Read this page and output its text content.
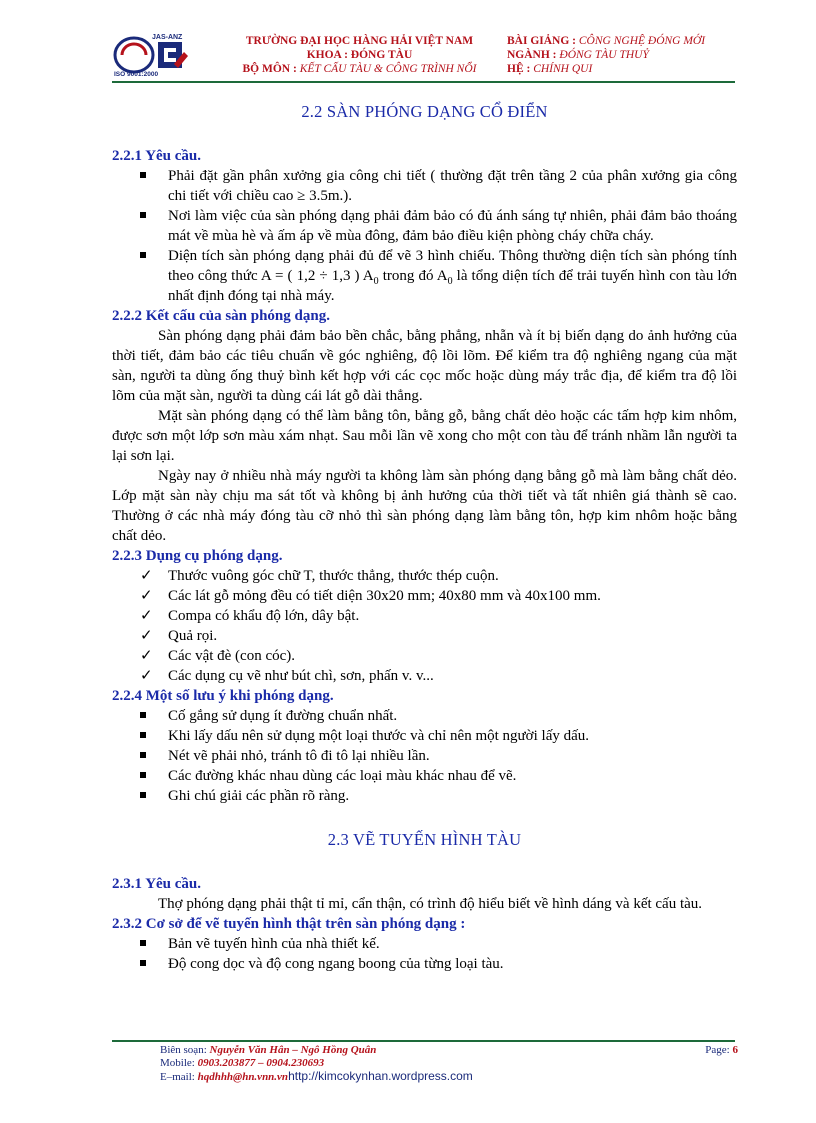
JAS-ANZ
ISO 9001:2000
TRƯỜNG ĐẠI HỌC HÀNG HẢI VIỆT NAM
KHOA : ĐÓNG TÀU
BỘ MÔN : KẾT CẤU TÀU & CÔNG TRÌNH NỔI
BÀI GIẢNG : CÔNG NGHỆ ĐÓNG MỚI
NGÀNH : ĐÓNG TÀU THUỶ
HỆ : CHÍNH QUI
2.2 SÀN PHÓNG DẠNG CỔ ĐIỂN
2.2.1 Yêu cầu.
Phải đặt gần phân xưởng gia công chi tiết ( thường đặt trên tầng 2 của phân xưởng gia công chi tiết với chiều cao ≥ 3.5m.).
Nơi làm việc của sàn phóng dạng phải đảm bảo có đủ ánh sáng tự nhiên, phải đảm bảo thoáng mát về mùa hè và ấm áp về mùa đông, đảm bảo điều kiện phòng cháy chữa cháy.
Diện tích sàn phóng dạng phải đủ để vẽ 3 hình chiếu. Thông thường diện tích sàn phóng tính theo công thức A = ( 1,2 ÷ 1,3 ) $A_0$ trong đó $A_0$ là tổng diện tích để trải tuyến hình con tàu lớn nhất định đóng tại nhà máy.
2.2.2 Kết cấu của sàn phóng dạng.
Sàn phóng dạng phải đảm bảo bền chắc, bằng phẳng, nhẵn và ít bị biến dạng do ảnh hưởng của thời tiết, đảm bảo các tiêu chuẩn về góc nghiêng, độ lồi lõm. Để kiểm tra độ nghiêng ngang của mặt sàn, người ta dùng ống thuỷ bình kết hợp với các cọc mốc hoặc dùng máy trắc địa, để kiểm tra độ lồi lõm của mặt sàn, người ta dùng cái lát gỗ dài thẳng.
Mặt sàn phóng dạng có thể làm bằng tôn, bằng gỗ, bằng chất dẻo hoặc các tấm hợp kim nhôm, được sơn một lớp sơn màu xám nhạt. Sau mỗi lần vẽ xong cho một con tàu để tránh nhầm lẫn người ta lại sơn lại.
Ngày nay ở nhiều nhà máy người ta không làm sàn phóng dạng bằng gỗ mà làm bằng chất dẻo. Lớp mặt sàn này chịu ma sát tốt và không bị ảnh hưởng của thời tiết và tất nhiên giá thành sẽ cao. Thường ở các nhà máy đóng tàu cỡ nhỏ thì sàn phóng dạng làm bằng tôn, hợp kim nhôm hoặc bằng chất dẻo.
2.2.3 Dụng cụ phóng dạng.
✓ Thước vuông góc chữ T, thước thẳng, thước thép cuộn.
✓ Các lát gỗ mỏng đều có tiết diện 30x20 mm; 40x80 mm và 40x100 mm.
✓ Compa có khẩu độ lớn, dây bật.
✓ Quả rọi.
✓ Các vật đè (con cóc).
✓ Các dụng cụ vẽ như bút chì, sơn, phấn v. v...
2.2.4 Một số lưu ý khi phóng dạng.
Cố gắng sử dụng ít đường chuẩn nhất.
Khi lấy dấu nên sử dụng một loại thước và chỉ nên một người lấy dấu.
Nét vẽ phải nhỏ, tránh tô đi tô lại nhiều lần.
Các đường khác nhau dùng các loại màu khác nhau để vẽ.
Ghi chú giải các phần rõ ràng.
2.3 VẼ TUYẾN HÌNH TÀU
2.3.1 Yêu cầu.
Thợ phóng dạng phải thật tỉ mỉ, cẩn thận, có trình độ hiểu biết về hình dáng và kết cấu tàu.
2.3.2 Cơ sở để vẽ tuyến hình thật trên sàn phóng dạng :
Bản vẽ tuyến hình của nhà thiết kế.
Độ cong dọc và độ cong ngang boong của từng loại tàu.
Biên soạn: Nguyễn Văn Hân – Ngô Hồng Quân
Mobile: 0903.203877 – 0904.230693
E–mail: hqdhhh@hn.vnn.vnhttp://kimcokynhan.wordpress.com
Page: 6
